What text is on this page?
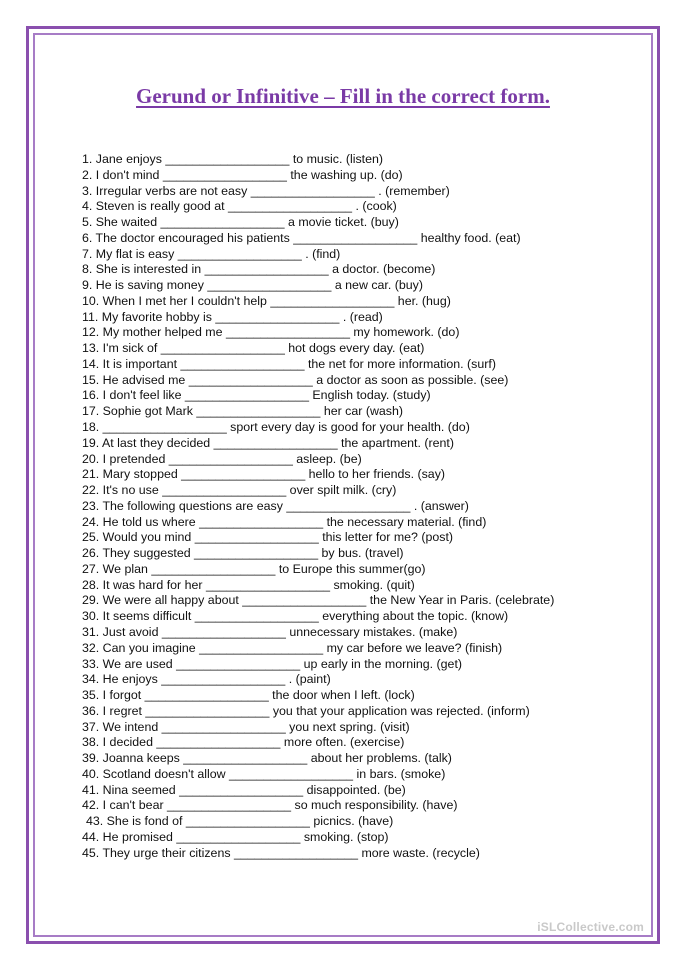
Gerund or Infinitive – Fill in the correct form.
1. Jane enjoys __________________ to music. (listen)
2. I don't mind __________________ the washing up. (do)
3. Irregular verbs are not easy __________________ . (remember)
4. Steven is really good at __________________ . (cook)
5. She waited __________________ a movie ticket. (buy)
6. The doctor encouraged his patients __________________ healthy food. (eat)
7. My flat is easy __________________ . (find)
8. She is interested in __________________ a doctor. (become)
9. He is saving money __________________ a new car. (buy)
10. When I met her I couldn't help __________________ her. (hug)
11. My favorite hobby is __________________ . (read)
12. My mother helped me __________________ my homework. (do)
13. I'm sick of __________________ hot dogs every day. (eat)
14. It is important __________________ the net for more information. (surf)
15. He advised me __________________ a doctor as soon as possible. (see)
16. I don't feel like __________________ English today. (study)
17. Sophie got Mark __________________ her car (wash)
18. __________________ sport every day is good for your health. (do)
19. At last they decided __________________ the apartment. (rent)
20. I pretended __________________ asleep. (be)
21. Mary stopped __________________ hello to her friends. (say)
22. It's no use __________________ over spilt milk. (cry)
23. The following questions are easy __________________ . (answer)
24. He told us where __________________ the necessary material. (find)
25. Would you mind __________________ this letter for me? (post)
26. They suggested __________________ by bus. (travel)
27. We plan __________________ to Europe this summer(go)
28. It was hard for her __________________ smoking. (quit)
29. We were all happy about __________________ the New Year in Paris. (celebrate)
30. It seems difficult __________________ everything about the topic. (know)
31. Just avoid __________________ unnecessary mistakes. (make)
32. Can you imagine __________________ my car before we leave? (finish)
33. We are used __________________ up early in the morning. (get)
34. He enjoys __________________ . (paint)
35. I forgot __________________ the door when I left. (lock)
36. I regret __________________ you that your application was rejected. (inform)
37. We intend __________________ you next spring. (visit)
38. I decided __________________ more often. (exercise)
39. Joanna keeps __________________ about her problems. (talk)
40. Scotland doesn't allow __________________ in bars. (smoke)
41. Nina seemed __________________ disappointed. (be)
42. I can't bear __________________ so much responsibility. (have)
43. She is fond of __________________ picnics. (have)
44. He promised __________________ smoking. (stop)
45. They urge their citizens __________________ more waste. (recycle)
iSLCollective.com
